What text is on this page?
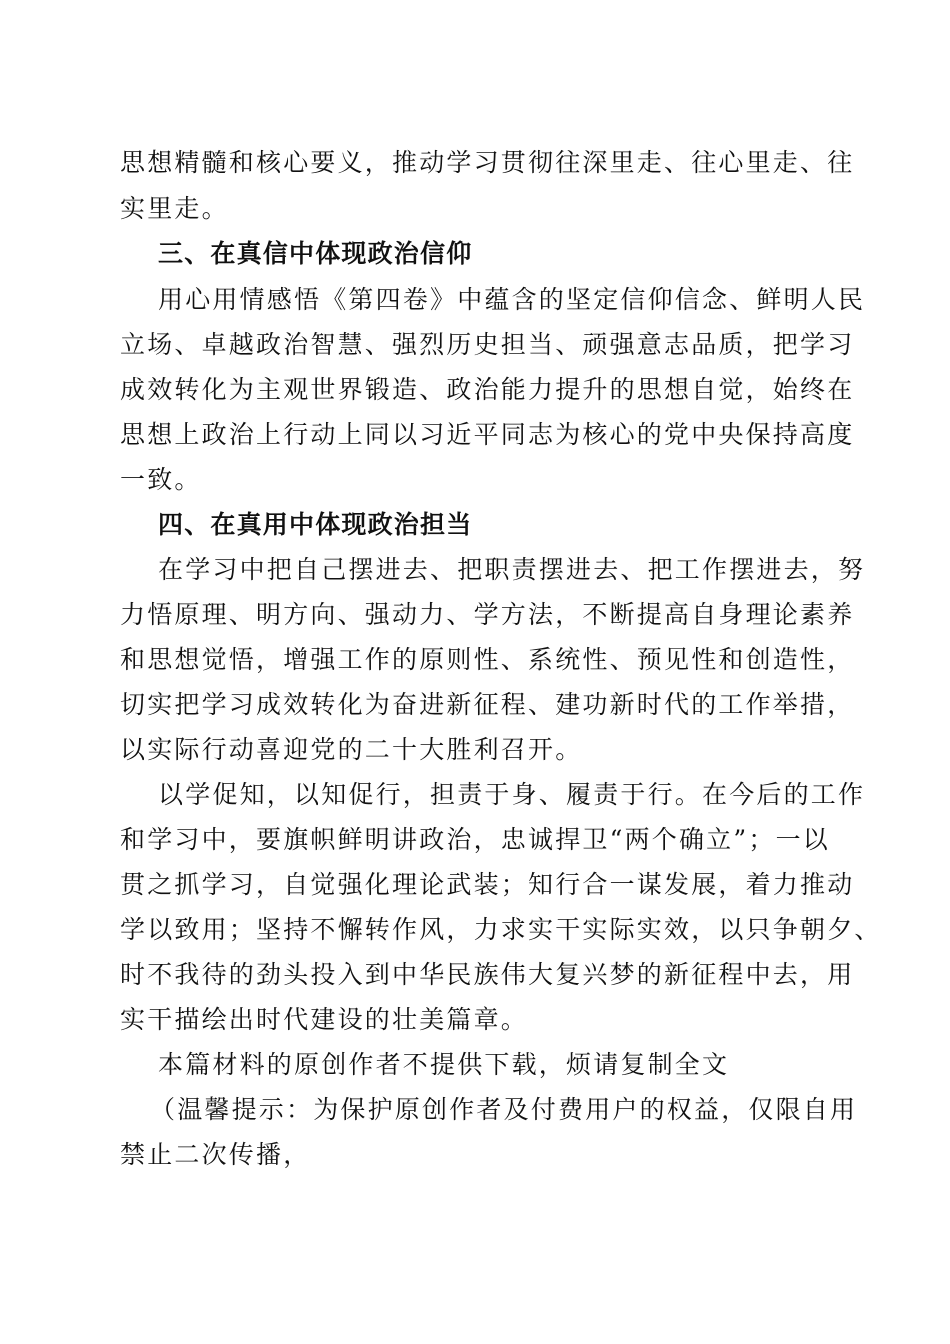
思想精髓和核心要义，推动学习贯彻往深里走、往心里走、往
实里走。
三、在真信中体现政治信仰
用心用情感悟《第四卷》中蕴含的坚定信仰信念、鲜明人民
立场、卓越政治智慧、强烈历史担当、顽强意志品质，把学习
成效转化为主观世界锻造、政治能力提升的思想自觉，始终在
思想上政治上行动上同以习近平同志为核心的党中央保持高度
一致。
四、在真用中体现政治担当
在学习中把自己摆进去、把职责摆进去、把工作摆进去，努
力悟原理、明方向、强动力、学方法，不断提高自身理论素养
和思想觉悟，增强工作的原则性、系统性、预见性和创造性，
切实把学习成效转化为奋进新征程、建功新时代的工作举措，
以实际行动喜迎党的二十大胜利召开。
以学促知，以知促行，担责于身、履责于行。在今后的工作
和学习中，要旗帜鲜明讲政治，忠诚捍卫“两个确立”；一以
贯之抓学习，自觉强化理论武装；知行合一谋发展，着力推动
学以致用；坚持不懈转作风，力求实干实际实效，以只争朝夕、
时不我待的劲头投入到中华民族伟大复兴梦的新征程中去，用
实干描绘出时代建设的壮美篇章。
本篇材料的原创作者不提供下载，烦请复制全文
（温馨提示：为保护原创作者及付费用户的权益，仅限自用
禁止二次传播，
